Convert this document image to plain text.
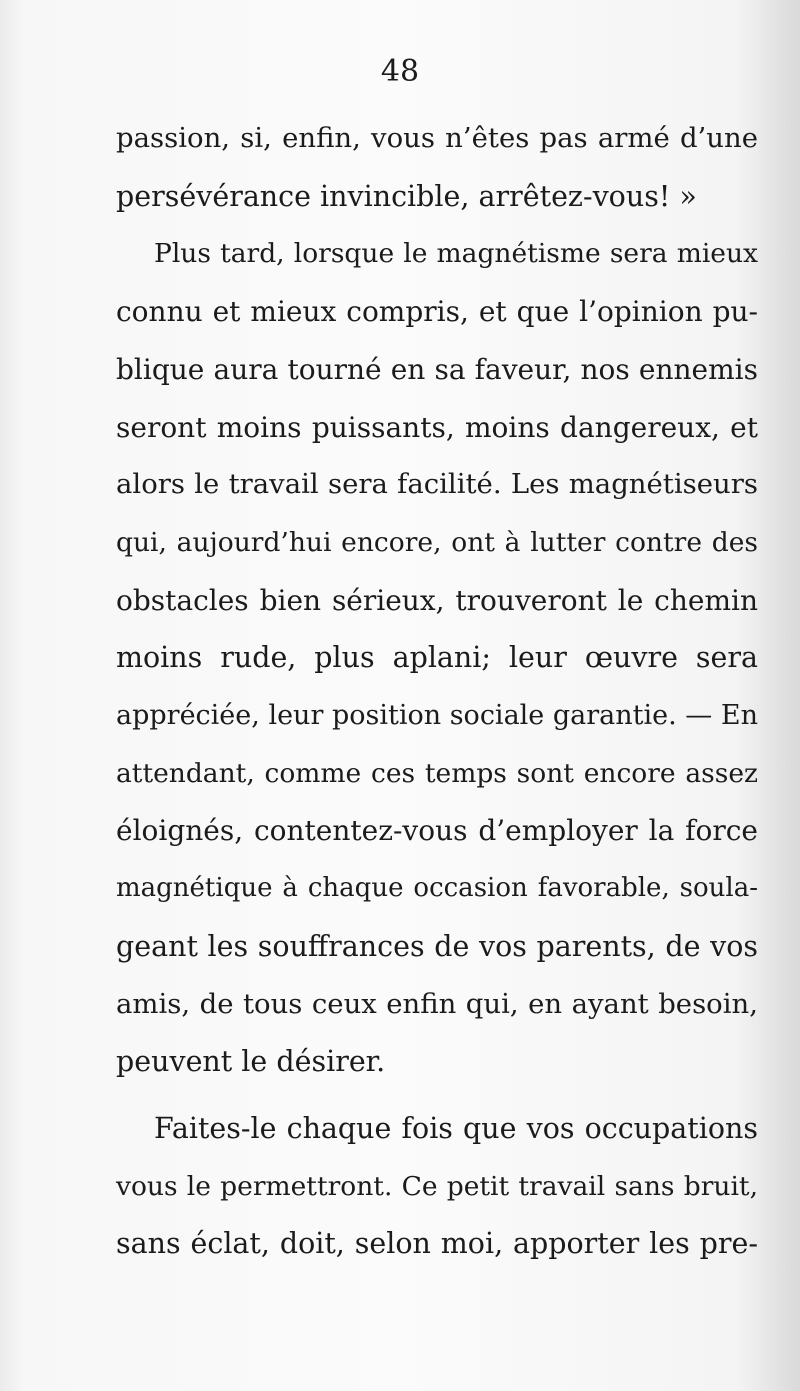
48

passion, si, enfin, vous n’êtes pas armé d’une
persévérance invincible, arrêtez-vous! »

Plus tard, lorsque le magnétisme sera mieux
connu et mieux compris, et que l’opinion pu-
blique aura tourné en sa faveur, nos ennemis
seront moins puissants, moins dangereux, et
alors le travail sera facilité. Les magnétiseurs
qui, aujourd’hui encore, ont à lutter contre des
obstacles bien sérieux, trouveront le chemin
moins rude, plus aplani; leur œuvre sera
appréciée, leur position sociale garantie. — En
attendant, comme ces temps sont encore assez
éloignés, contentez-vous d’employer la force
magnétique à chaque occasion favorable, soula-
geant les souffrances de vos parents, de vos
amis, de tous ceux enfin qui, en ayant besoin,
peuvent le désirer.

Faites-le chaque fois que vos occupations
vous le permettront. Ce petit travail sans bruit,
sans éclat, doit, selon moi, apporter les pre-
